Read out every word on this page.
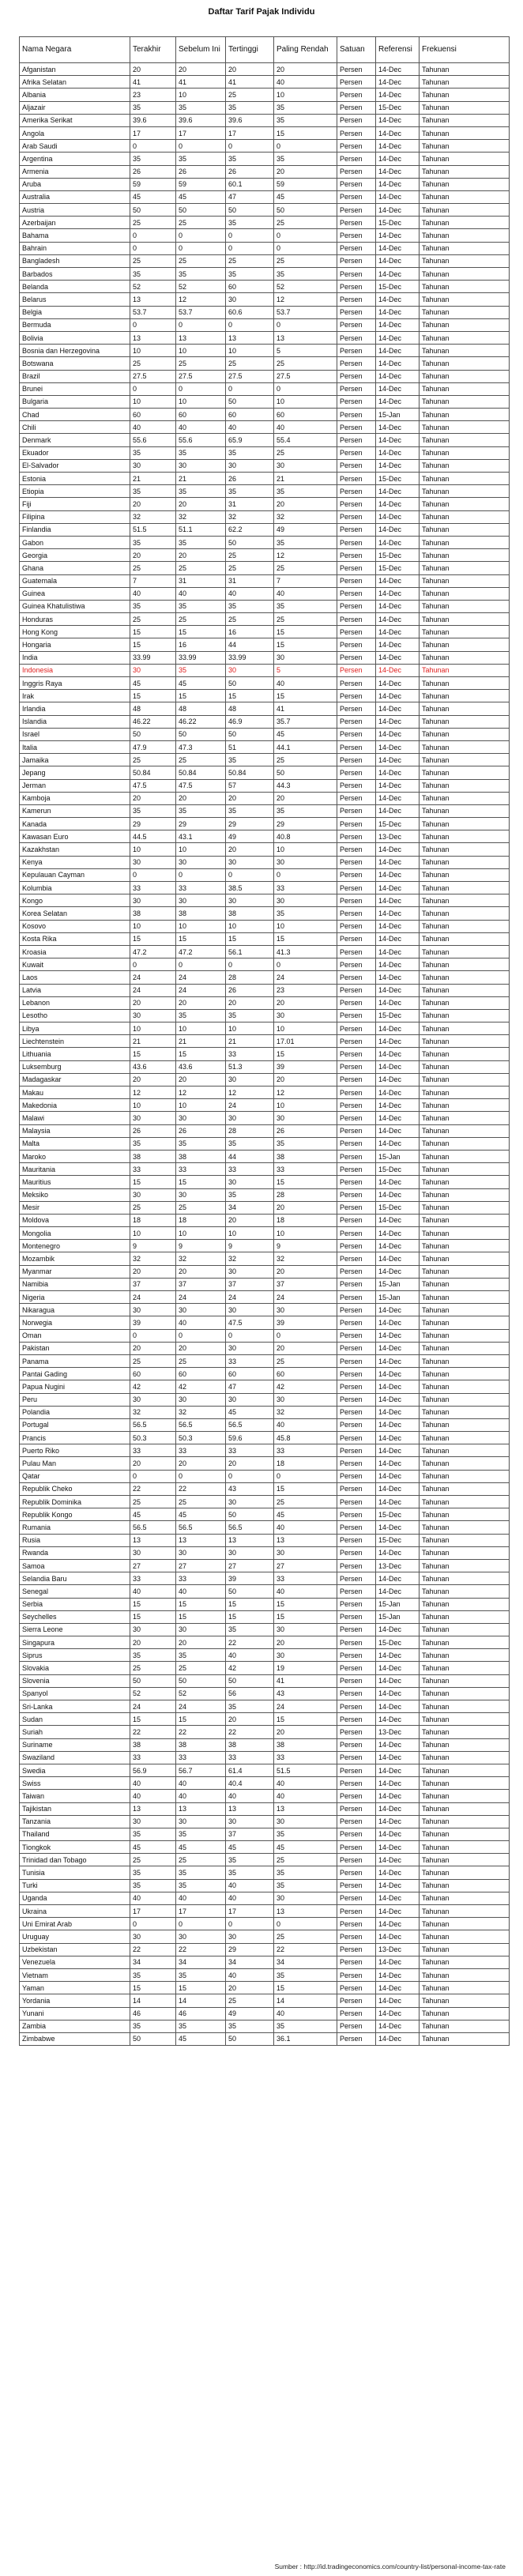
Daftar Tarif Pajak Individu
Nama Negara	Terakhir	Sebelum Ini	Tertinggi	Paling Rendah	Satuan	Referensi	Frekuensi
Afganistan	20	20	20	20	Persen	14-Dec	Tahunan
Afrika Selatan	41	41	41	40	Persen	14-Dec	Tahunan
Albania	23	10	25	10	Persen	14-Dec	Tahunan
Aljazair	35	35	35	35	Persen	15-Dec	Tahunan
Amerika Serikat	39.6	39.6	39.6	35	Persen	14-Dec	Tahunan
Angola	17	17	17	15	Persen	14-Dec	Tahunan
Arab Saudi	0	0	0	0	Persen	14-Dec	Tahunan
Argentina	35	35	35	35	Persen	14-Dec	Tahunan
Armenia	26	26	26	20	Persen	14-Dec	Tahunan
Aruba	59	59	60.1	59	Persen	14-Dec	Tahunan
Australia	45	45	47	45	Persen	14-Dec	Tahunan
Austria	50	50	50	50	Persen	14-Dec	Tahunan
Azerbaijan	25	25	35	25	Persen	15-Dec	Tahunan
Bahama	0	0	0	0	Persen	14-Dec	Tahunan
Bahrain	0	0	0	0	Persen	14-Dec	Tahunan
Bangladesh	25	25	25	25	Persen	14-Dec	Tahunan
Barbados	35	35	35	35	Persen	14-Dec	Tahunan
Belanda	52	52	60	52	Persen	15-Dec	Tahunan
Belarus	13	12	30	12	Persen	14-Dec	Tahunan
Belgia	53.7	53.7	60.6	53.7	Persen	14-Dec	Tahunan
Bermuda	0	0	0	0	Persen	14-Dec	Tahunan
Bolivia	13	13	13	13	Persen	14-Dec	Tahunan
Bosnia dan Herzegovina	10	10	10	5	Persen	14-Dec	Tahunan
Botswana	25	25	25	25	Persen	14-Dec	Tahunan
Brazil	27.5	27.5	27.5	27.5	Persen	14-Dec	Tahunan
Brunei	0	0	0	0	Persen	14-Dec	Tahunan
Bulgaria	10	10	50	10	Persen	14-Dec	Tahunan
Chad	60	60	60	60	Persen	15-Jan	Tahunan
Chili	40	40	40	40	Persen	14-Dec	Tahunan
Denmark	55.6	55.6	65.9	55.4	Persen	14-Dec	Tahunan
Ekuador	35	35	35	25	Persen	14-Dec	Tahunan
El-Salvador	30	30	30	30	Persen	14-Dec	Tahunan
Estonia	21	21	26	21	Persen	15-Dec	Tahunan
Etiopia	35	35	35	35	Persen	14-Dec	Tahunan
Fiji	20	20	31	20	Persen	14-Dec	Tahunan
Filipina	32	32	32	32	Persen	14-Dec	Tahunan
Finlandia	51.5	51.1	62.2	49	Persen	14-Dec	Tahunan
Gabon	35	35	50	35	Persen	14-Dec	Tahunan
Georgia	20	20	25	12	Persen	15-Dec	Tahunan
Ghana	25	25	25	25	Persen	15-Dec	Tahunan
Guatemala	7	31	31	7	Persen	14-Dec	Tahunan
Guinea	40	40	40	40	Persen	14-Dec	Tahunan
Guinea Khatulistiwa	35	35	35	35	Persen	14-Dec	Tahunan
Honduras	25	25	25	25	Persen	14-Dec	Tahunan
Hong Kong	15	15	16	15	Persen	14-Dec	Tahunan
Hongaria	15	16	44	15	Persen	14-Dec	Tahunan
India	33.99	33.99	33.99	30	Persen	14-Dec	Tahunan
Indonesia	30	35	30	5	Persen	14-Dec	Tahunan
Inggris Raya	45	45	50	40	Persen	14-Dec	Tahunan
Irak	15	15	15	15	Persen	14-Dec	Tahunan
Irlandia	48	48	48	41	Persen	14-Dec	Tahunan
Islandia	46.22	46.22	46.9	35.7	Persen	14-Dec	Tahunan
Israel	50	50	50	45	Persen	14-Dec	Tahunan
Italia	47.9	47.3	51	44.1	Persen	14-Dec	Tahunan
Jamaika	25	25	35	25	Persen	14-Dec	Tahunan
Jepang	50.84	50.84	50.84	50	Persen	14-Dec	Tahunan
Jerman	47.5	47.5	57	44.3	Persen	14-Dec	Tahunan
Kamboja	20	20	20	20	Persen	14-Dec	Tahunan
Kamerun	35	35	35	35	Persen	14-Dec	Tahunan
Kanada	29	29	29	29	Persen	15-Dec	Tahunan
Kawasan Euro	44.5	43.1	49	40.8	Persen	13-Dec	Tahunan
Kazakhstan	10	10	20	10	Persen	14-Dec	Tahunan
Kenya	30	30	30	30	Persen	14-Dec	Tahunan
Kepulauan Cayman	0	0	0	0	Persen	14-Dec	Tahunan
Kolumbia	33	33	38.5	33	Persen	14-Dec	Tahunan
Kongo	30	30	30	30	Persen	14-Dec	Tahunan
Korea Selatan	38	38	38	35	Persen	14-Dec	Tahunan
Kosovo	10	10	10	10	Persen	14-Dec	Tahunan
Kosta Rika	15	15	15	15	Persen	14-Dec	Tahunan
Kroasia	47.2	47.2	56.1	41.3	Persen	14-Dec	Tahunan
Kuwait	0	0	0	0	Persen	14-Dec	Tahunan
Laos	24	24	28	24	Persen	14-Dec	Tahunan
Latvia	24	24	26	23	Persen	14-Dec	Tahunan
Lebanon	20	20	20	20	Persen	14-Dec	Tahunan
Lesotho	30	35	35	30	Persen	15-Dec	Tahunan
Libya	10	10	10	10	Persen	14-Dec	Tahunan
Liechtenstein	21	21	21	17.01	Persen	14-Dec	Tahunan
Lithuania	15	15	33	15	Persen	14-Dec	Tahunan
Luksemburg	43.6	43.6	51.3	39	Persen	14-Dec	Tahunan
Madagaskar	20	20	30	20	Persen	14-Dec	Tahunan
Makau	12	12	12	12	Persen	14-Dec	Tahunan
Makedonia	10	10	24	10	Persen	14-Dec	Tahunan
Malawi	30	30	30	30	Persen	14-Dec	Tahunan
Malaysia	26	26	28	26	Persen	14-Dec	Tahunan
Malta	35	35	35	35	Persen	14-Dec	Tahunan
Maroko	38	38	44	38	Persen	15-Jan	Tahunan
Mauritania	33	33	33	33	Persen	15-Dec	Tahunan
Mauritius	15	15	30	15	Persen	14-Dec	Tahunan
Meksiko	30	30	35	28	Persen	14-Dec	Tahunan
Mesir	25	25	34	20	Persen	15-Dec	Tahunan
Moldova	18	18	20	18	Persen	14-Dec	Tahunan
Mongolia	10	10	10	10	Persen	14-Dec	Tahunan
Montenegro	9	9	9	9	Persen	14-Dec	Tahunan
Mozambik	32	32	32	32	Persen	14-Dec	Tahunan
Myanmar	20	20	30	20	Persen	14-Dec	Tahunan
Namibia	37	37	37	37	Persen	15-Jan	Tahunan
Nigeria	24	24	24	24	Persen	15-Jan	Tahunan
Nikaragua	30	30	30	30	Persen	14-Dec	Tahunan
Norwegia	39	40	47.5	39	Persen	14-Dec	Tahunan
Oman	0	0	0	0	Persen	14-Dec	Tahunan
Pakistan	20	20	30	20	Persen	14-Dec	Tahunan
Panama	25	25	33	25	Persen	14-Dec	Tahunan
Pantai Gading	60	60	60	60	Persen	14-Dec	Tahunan
Papua Nugini	42	42	47	42	Persen	14-Dec	Tahunan
Peru	30	30	30	30	Persen	14-Dec	Tahunan
Polandia	32	32	45	32	Persen	14-Dec	Tahunan
Portugal	56.5	56.5	56.5	40	Persen	14-Dec	Tahunan
Prancis	50.3	50.3	59.6	45.8	Persen	14-Dec	Tahunan
Puerto Riko	33	33	33	33	Persen	14-Dec	Tahunan
Pulau Man	20	20	20	18	Persen	14-Dec	Tahunan
Qatar	0	0	0	0	Persen	14-Dec	Tahunan
Republik Cheko	22	22	43	15	Persen	14-Dec	Tahunan
Republik Dominika	25	25	30	25	Persen	14-Dec	Tahunan
Republik Kongo	45	45	50	45	Persen	15-Dec	Tahunan
Rumania	56.5	56.5	56.5	40	Persen	14-Dec	Tahunan
Rusia	13	13	13	13	Persen	15-Dec	Tahunan
Rwanda	30	30	30	30	Persen	14-Dec	Tahunan
Samoa	27	27	27	27	Persen	13-Dec	Tahunan
Selandia Baru	33	33	39	33	Persen	14-Dec	Tahunan
Senegal	40	40	50	40	Persen	14-Dec	Tahunan
Serbia	15	15	15	15	Persen	15-Jan	Tahunan
Seychelles	15	15	15	15	Persen	15-Jan	Tahunan
Sierra Leone	30	30	35	30	Persen	14-Dec	Tahunan
Singapura	20	20	22	20	Persen	15-Dec	Tahunan
Siprus	35	35	40	30	Persen	14-Dec	Tahunan
Slovakia	25	25	42	19	Persen	14-Dec	Tahunan
Slovenia	50	50	50	41	Persen	14-Dec	Tahunan
Spanyol	52	52	56	43	Persen	14-Dec	Tahunan
Sri-Lanka	24	24	35	24	Persen	14-Dec	Tahunan
Sudan	15	15	20	15	Persen	14-Dec	Tahunan
Suriah	22	22	22	20	Persen	13-Dec	Tahunan
Suriname	38	38	38	38	Persen	14-Dec	Tahunan
Swaziland	33	33	33	33	Persen	14-Dec	Tahunan
Swedia	56.9	56.7	61.4	51.5	Persen	14-Dec	Tahunan
Swiss	40	40	40.4	40	Persen	14-Dec	Tahunan
Taiwan	40	40	40	40	Persen	14-Dec	Tahunan
Tajikistan	13	13	13	13	Persen	14-Dec	Tahunan
Tanzania	30	30	30	30	Persen	14-Dec	Tahunan
Thailand	35	35	37	35	Persen	14-Dec	Tahunan
Tiongkok	45	45	45	45	Persen	14-Dec	Tahunan
Trinidad dan Tobago	25	25	35	25	Persen	14-Dec	Tahunan
Tunisia	35	35	35	35	Persen	14-Dec	Tahunan
Turki	35	35	40	35	Persen	14-Dec	Tahunan
Uganda	40	40	40	30	Persen	14-Dec	Tahunan
Ukraina	17	17	17	13	Persen	14-Dec	Tahunan
Uni Emirat Arab	0	0	0	0	Persen	14-Dec	Tahunan
Uruguay	30	30	30	25	Persen	14-Dec	Tahunan
Uzbekistan	22	22	29	22	Persen	13-Dec	Tahunan
Venezuela	34	34	34	34	Persen	14-Dec	Tahunan
Vietnam	35	35	40	35	Persen	14-Dec	Tahunan
Yaman	15	15	20	15	Persen	14-Dec	Tahunan
Yordania	14	14	25	14	Persen	14-Dec	Tahunan
Yunani	46	46	49	40	Persen	14-Dec	Tahunan
Zambia	35	35	35	35	Persen	14-Dec	Tahunan
Zimbabwe	50	45	50	36.1	Persen	14-Dec	Tahunan
Sumber : http://id.tradingeconomics.com/country-list/personal-income-tax-rate
